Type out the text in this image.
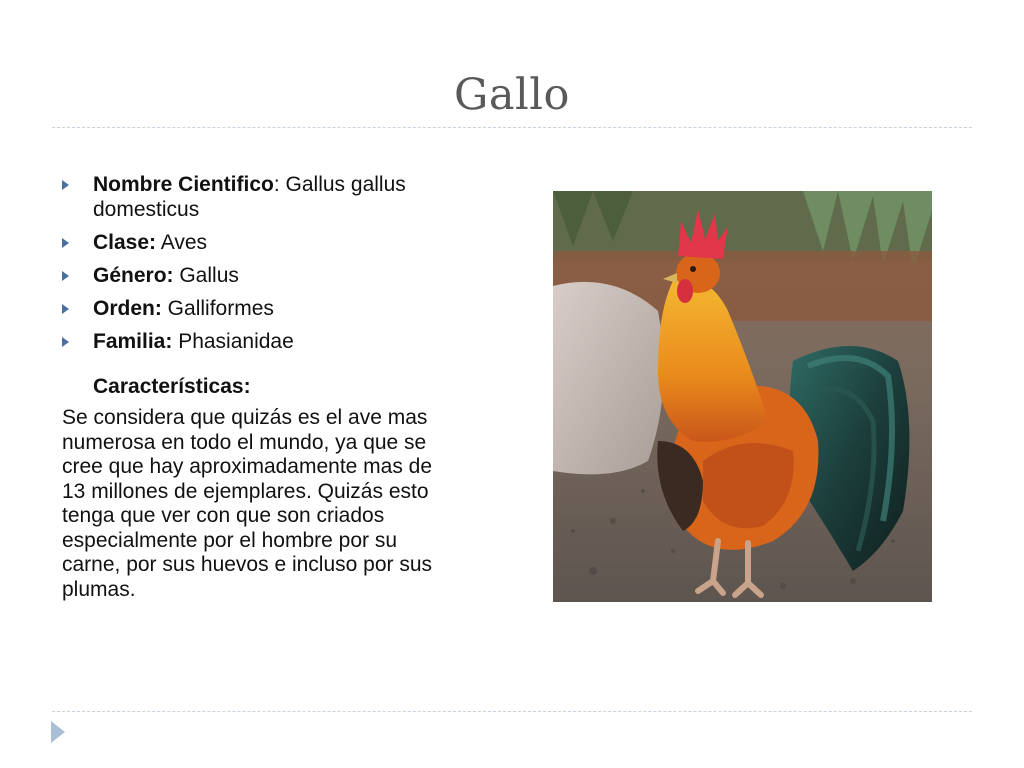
Gallo
Nombre Cientifico: Gallus gallus domesticus
Clase: Aves
Género: Gallus
Orden: Galliformes
Familia: Phasianidae
Características:
Se considera que quizás es el ave mas numerosa en todo el mundo, ya que se cree que hay aproximadamente mas de 13 millones de ejemplares. Quizás esto tenga que ver con que son criados especialmente por el hombre por su carne, por sus huevos e incluso por sus plumas.
